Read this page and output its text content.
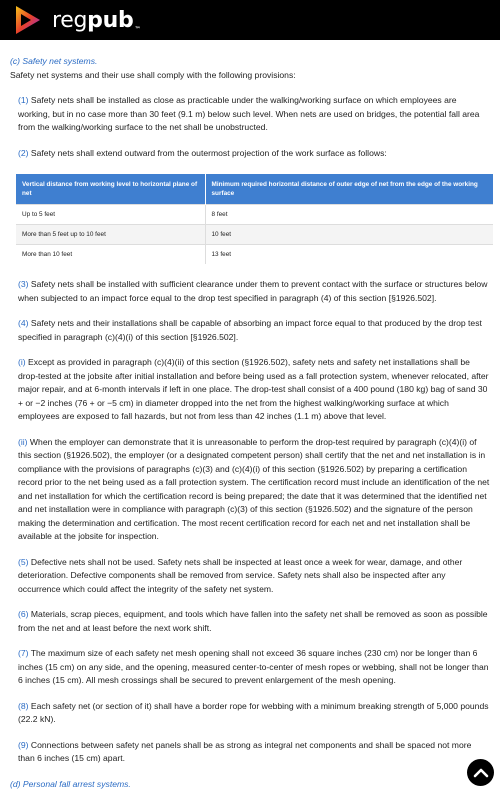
regpub™

(c) Safety net systems.

Safety net systems and their use shall comply with the following provisions:

(1) Safety nets shall be installed as close as practicable under the walking/working surface on which employees are working, but in no case more than 30 feet (9.1 m) below such level. When nets are used on bridges, the potential fall area from the walking/working surface to the net shall be unobstructed.

(2) Safety nets shall extend outward from the outermost projection of the work surface as follows:

Vertical distance from working level to horizontal plane of net	Minimum required horizontal distance of outer edge of net from the edge of the working surface
Up to 5 feet	8 feet
More than 5 feet up to 10 feet	10 feet
More than 10 feet	13 feet

(3) Safety nets shall be installed with sufficient clearance under them to prevent contact with the surface or structures below when subjected to an impact force equal to the drop test specified in paragraph (4) of this section [§1926.502].

(4) Safety nets and their installations shall be capable of absorbing an impact force equal to that produced by the drop test specified in paragraph (c)(4)(i) of this section [§1926.502].

(i) Except as provided in paragraph (c)(4)(ii) of this section (§1926.502), safety nets and safety net installations shall be drop-tested at the jobsite after initial installation and before being used as a fall protection system, whenever relocated, after major repair, and at 6-month intervals if left in one place. The drop-test shall consist of a 400 pound (180 kg) bag of sand 30 + or −2 inches (76 + or −5 cm) in diameter dropped into the net from the highest walking/working surface at which employees are exposed to fall hazards, but not from less than 42 inches (1.1 m) above that level.

(ii) When the employer can demonstrate that it is unreasonable to perform the drop-test required by paragraph (c)(4)(i) of this section (§1926.502), the employer (or a designated competent person) shall certify that the net and net installation is in compliance with the provisions of paragraphs (c)(3) and (c)(4)(i) of this section (§1926.502) by preparing a certification record prior to the net being used as a fall protection system. The certification record must include an identification of the net and net installation for which the certification record is being prepared; the date that it was determined that the identified net and net installation were in compliance with paragraph (c)(3) of this section (§1926.502) and the signature of the person making the determination and certification. The most recent certification record for each net and net installation shall be available at the jobsite for inspection.

(5) Defective nets shall not be used. Safety nets shall be inspected at least once a week for wear, damage, and other deterioration. Defective components shall be removed from service. Safety nets shall also be inspected after any occurrence which could affect the integrity of the safety net system.

(6) Materials, scrap pieces, equipment, and tools which have fallen into the safety net shall be removed as soon as possible from the net and at least before the next work shift.

(7) The maximum size of each safety net mesh opening shall not exceed 36 square inches (230 cm) nor be longer than 6 inches (15 cm) on any side, and the opening, measured center-to-center of mesh ropes or webbing, shall not be longer than 6 inches (15 cm). All mesh crossings shall be secured to prevent enlargement of the mesh opening.

(8) Each safety net (or section of it) shall have a border rope for webbing with a minimum breaking strength of 5,000 pounds (22.2 kN).

(9) Connections between safety net panels shall be as strong as integral net components and shall be spaced not more than 6 inches (15 cm) apart.

(d) Personal fall arrest systems.
